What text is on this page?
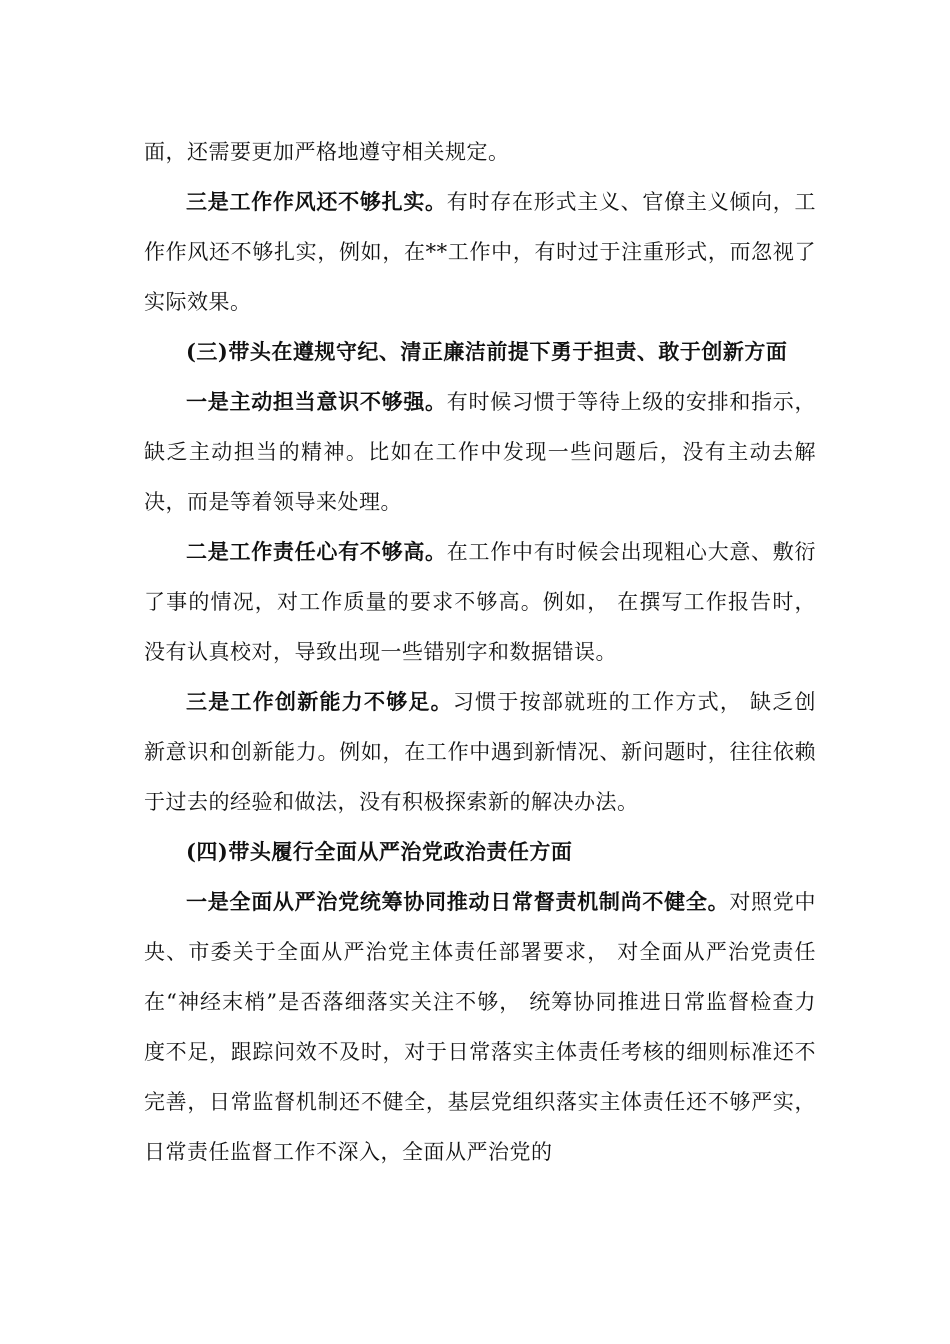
面，还需要更加严格地遵守相关规定。

三是工作作风还不够扎实。有时存在形式主义、官僚主义倾向，工作作风还不够扎实，例如，在**工作中，有时过于注重形式，而忽视了实际效果。

(三)带头在遵规守纪、清正廉洁前提下勇于担责、敢于创新方面

一是主动担当意识不够强。有时候习惯于等待上级的安排和指示，缺乏主动担当的精神。比如在工作中发现一些问题后，没有主动去解决，而是等着领导来处理。

二是工作责任心有不够高。在工作中有时候会出现粗心大意、敷衍了事的情况，对工作质量的要求不够高。例如， 在撰写工作报告时，没有认真校对，导致出现一些错别字和数据错误。

三是工作创新能力不够足。习惯于按部就班的工作方式， 缺乏创新意识和创新能力。例如，在工作中遇到新情况、新问题时，往往依赖于过去的经验和做法，没有积极探索新的解决办法。

(四)带头履行全面从严治党政治责任方面

一是全面从严治党统筹协同推动日常督责机制尚不健全。对照党中央、市委关于全面从严治党主体责任部署要求， 对全面从严治党责任在“神经末梢”是否落细落实关注不够， 统筹协同推进日常监督检查力度不足，跟踪问效不及时，对于日常落实主体责任考核的细则标准还不完善，日常监督机制还不健全，基层党组织落实主体责任还不够严实，日常责任监督工作不深入，全面从严治党的
